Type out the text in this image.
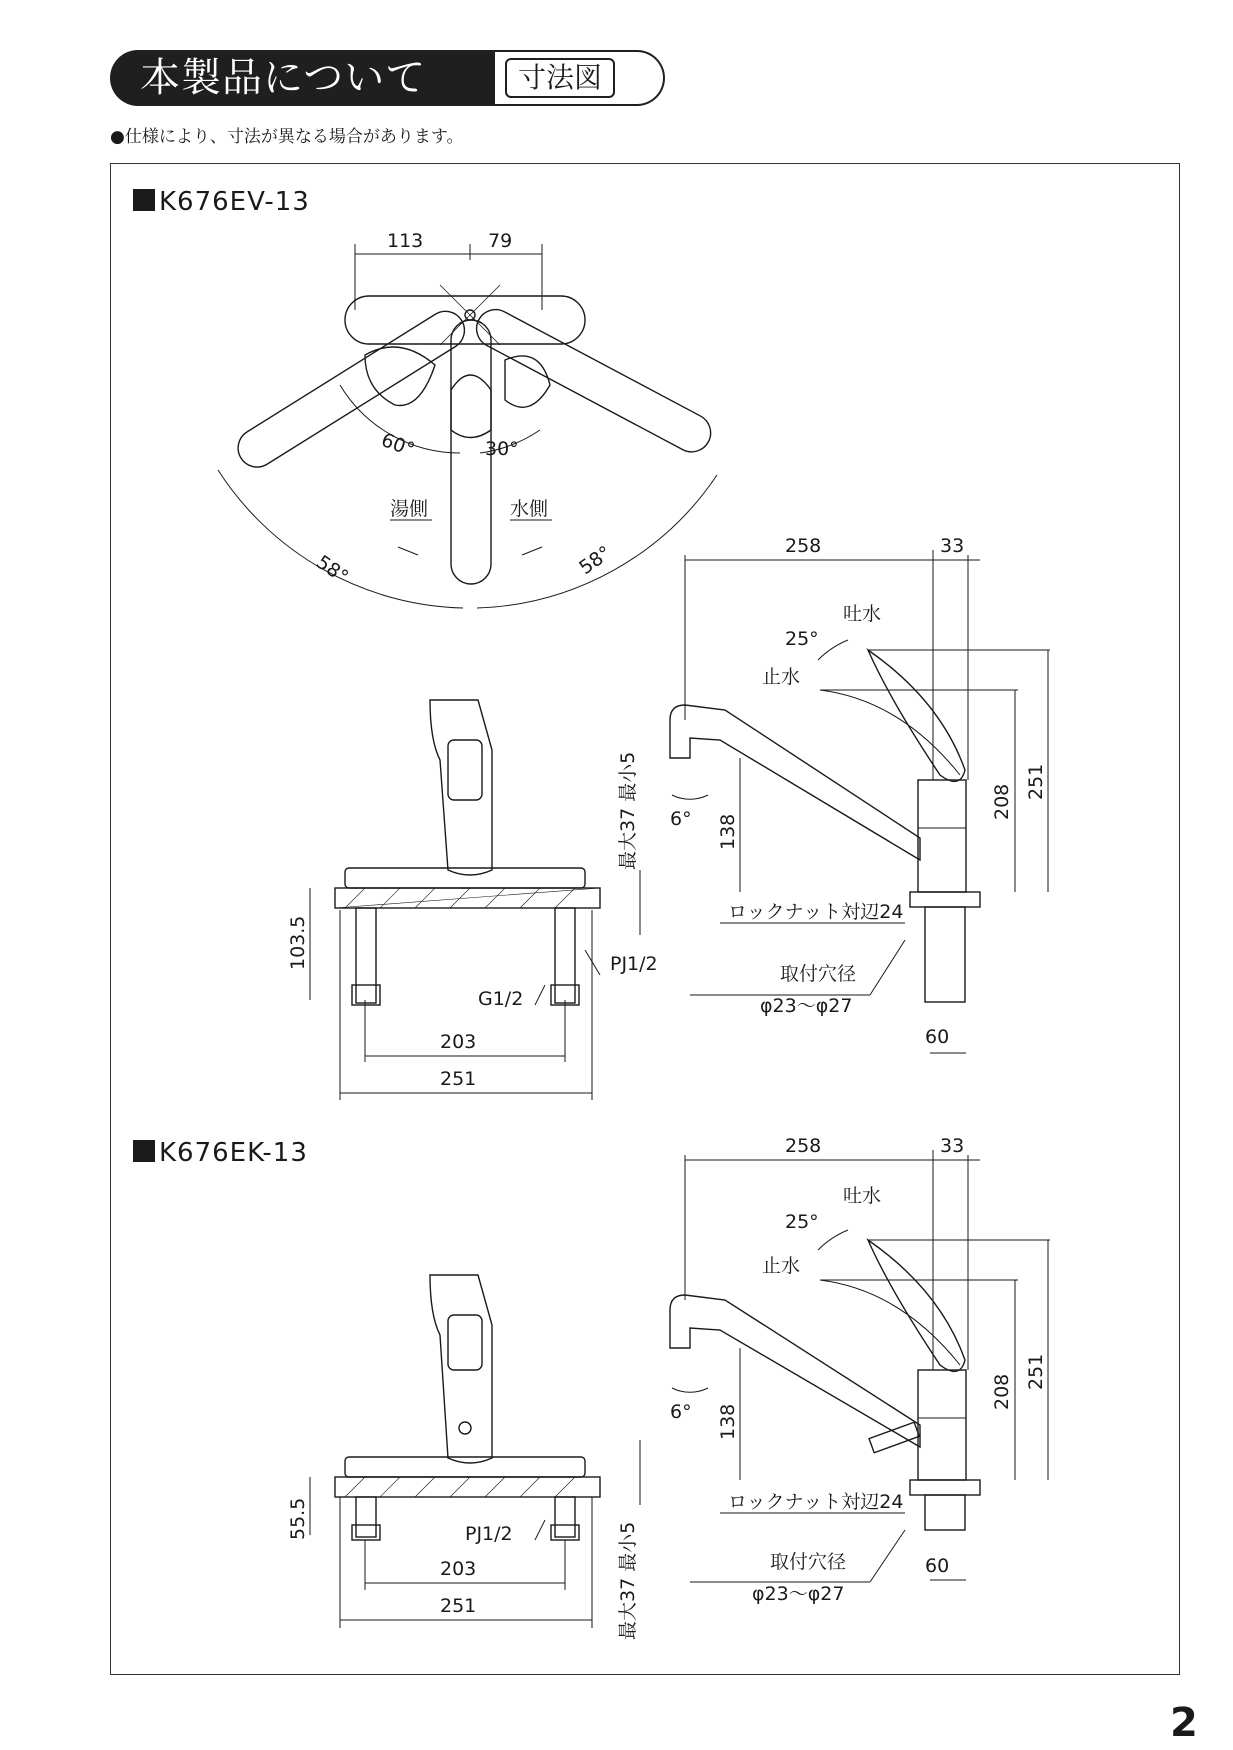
本製品について	寸法図
●仕様により、寸法が異なる場合があります。
K676EV-13
K676EK-13
113	79
60°	30°
58°	58°
湯側	水側
103.5
203
251
G1/2
PJ1/2
最大37 最小5
258	33
25°
吐水
止水
6° 138
208
251
ロックナット対辺24
取付穴径
φ23～φ27
60
55.5
203
251
PJ1/2	最大37 最小5
258	33
25°
吐水
止水
6° 138
208
251
ロックナット対辺24
取付穴径
φ23～φ27
60
2
